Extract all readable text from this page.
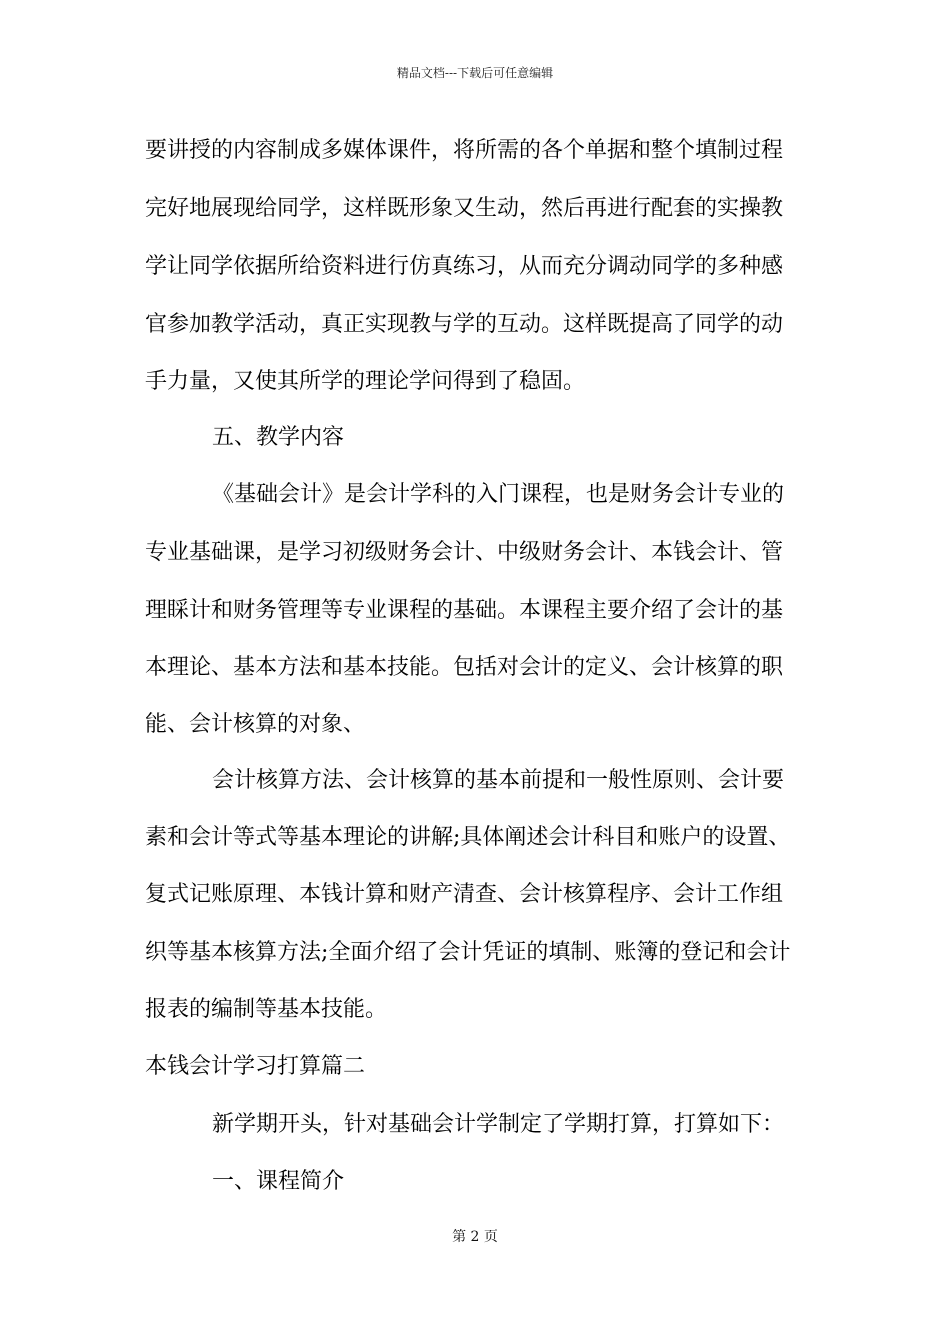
精品文档---下载后可任意编辑
要讲授的内容制成多媒体课件，将所需的各个单据和整个填制过程
完好地展现给同学，这样既形象又生动，然后再进行配套的实操教
学让同学依据所给资料进行仿真练习，从而充分调动同学的多种感
官参加教学活动，真正实现教与学的互动。这样既提高了同学的动
手力量，又使其所学的理论学问得到了稳固。
五、教学内容
《基础会计》是会计学科的入门课程，也是财务会计专业的
专业基础课，是学习初级财务会计、中级财务会计、本钱会计、管
理睬计和财务管理等专业课程的基础。本课程主要介绍了会计的基
本理论、基本方法和基本技能。包括对会计的定义、会计核算的职
能、会计核算的对象、
会计核算方法、会计核算的基本前提和一般性原则、会计要
素和会计等式等基本理论的讲解;具体阐述会计科目和账户的设置、
复式记账原理、本钱计算和财产清查、会计核算程序、会计工作组
织等基本核算方法;全面介绍了会计凭证的填制、账簿的登记和会计
报表的编制等基本技能。
本钱会计学习打算篇二
新学期开头，针对基础会计学制定了学期打算，打算如下：
一、课程简介
第 2 页
